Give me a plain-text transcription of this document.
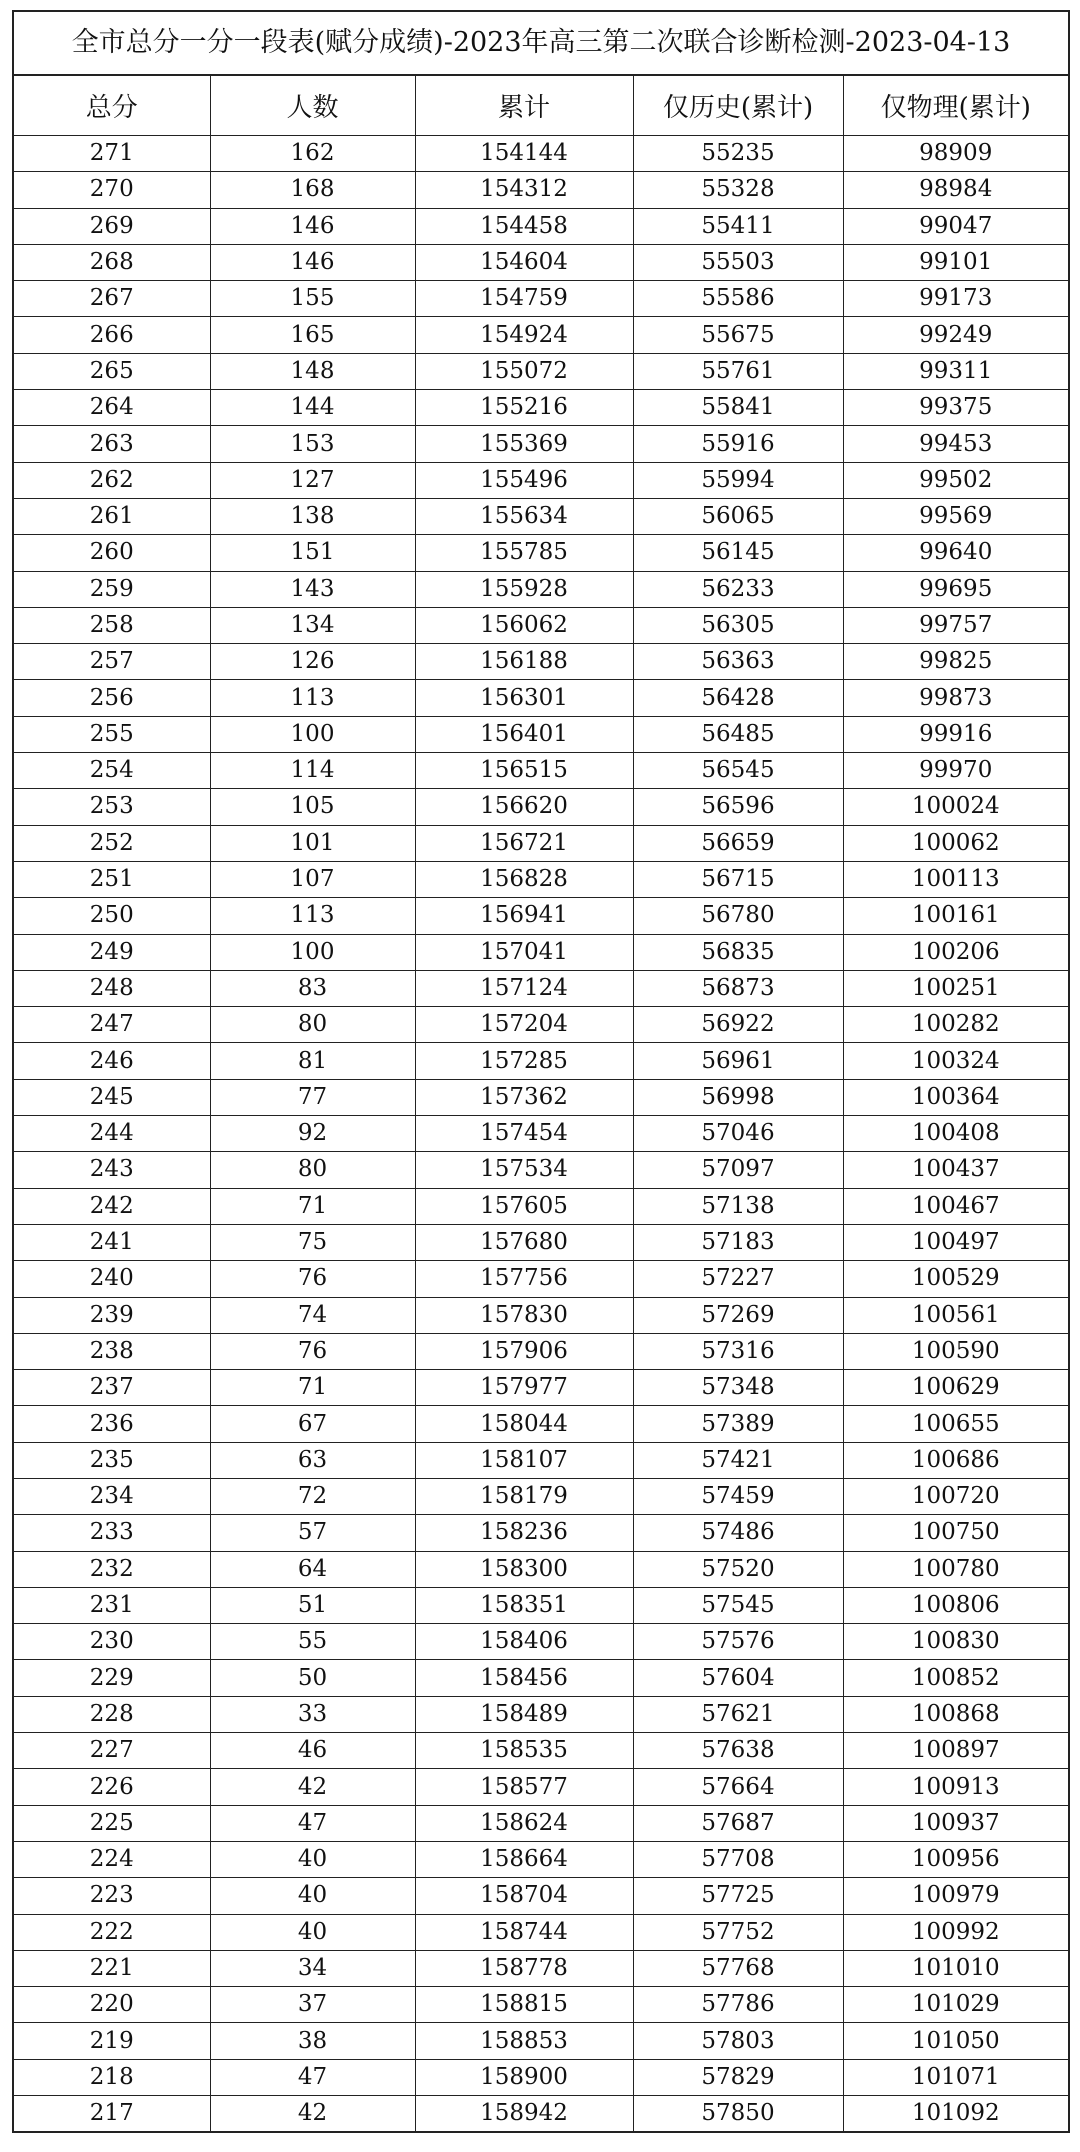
全市总分一分一段表(赋分成绩)-2023年高三第二次联合诊断检测-2023-04-13
总分	人数	累计	仅历史(累计)	仅物理(累计)
271	162	154144	55235	98909
270	168	154312	55328	98984
269	146	154458	55411	99047
268	146	154604	55503	99101
267	155	154759	55586	99173
266	165	154924	55675	99249
265	148	155072	55761	99311
264	144	155216	55841	99375
263	153	155369	55916	99453
262	127	155496	55994	99502
261	138	155634	56065	99569
260	151	155785	56145	99640
259	143	155928	56233	99695
258	134	156062	56305	99757
257	126	156188	56363	99825
256	113	156301	56428	99873
255	100	156401	56485	99916
254	114	156515	56545	99970
253	105	156620	56596	100024
252	101	156721	56659	100062
251	107	156828	56715	100113
250	113	156941	56780	100161
249	100	157041	56835	100206
248	83	157124	56873	100251
247	80	157204	56922	100282
246	81	157285	56961	100324
245	77	157362	56998	100364
244	92	157454	57046	100408
243	80	157534	57097	100437
242	71	157605	57138	100467
241	75	157680	57183	100497
240	76	157756	57227	100529
239	74	157830	57269	100561
238	76	157906	57316	100590
237	71	157977	57348	100629
236	67	158044	57389	100655
235	63	158107	57421	100686
234	72	158179	57459	100720
233	57	158236	57486	100750
232	64	158300	57520	100780
231	51	158351	57545	100806
230	55	158406	57576	100830
229	50	158456	57604	100852
228	33	158489	57621	100868
227	46	158535	57638	100897
226	42	158577	57664	100913
225	47	158624	57687	100937
224	40	158664	57708	100956
223	40	158704	57725	100979
222	40	158744	57752	100992
221	34	158778	57768	101010
220	37	158815	57786	101029
219	38	158853	57803	101050
218	47	158900	57829	101071
217	42	158942	57850	101092
